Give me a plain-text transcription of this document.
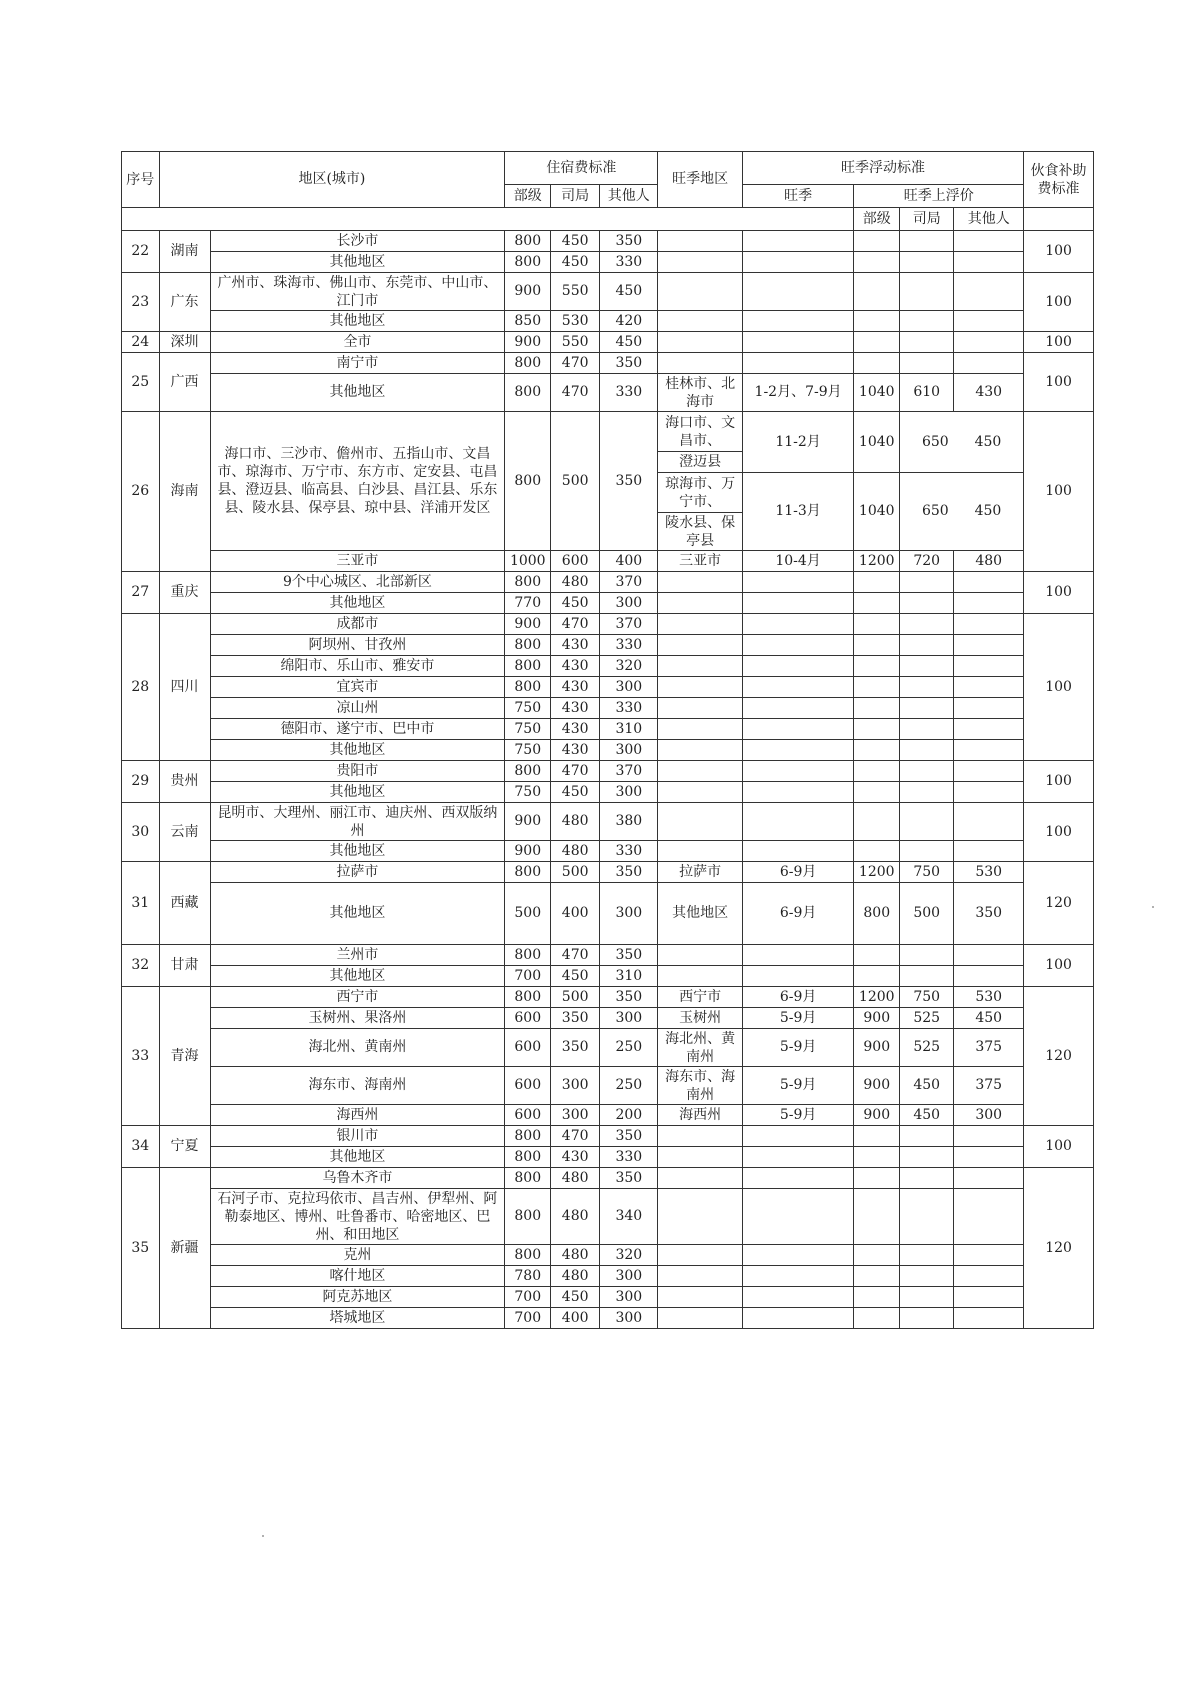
序号	地区(城市)		住宿费标准			旺季地区	旺季浮动标准				伙食补助费标准
			部级	司局	其他人		旺季	旺季上浮价			
								部级	司局	其他人	
22	湖南	长沙市	800	450	350						100
		其他地区	800	450	330						
23	广东	广州市、珠海市、佛山市、东莞市、中山市、江门市	900	550	450						100
		其他地区	850	530	420						
24	深圳	全市	900	550	450						100
25	广西	南宁市	800	470	350						100
		其他地区	800	470	330	桂林市、北海市	1-2月、7-9月	1040	610	430	
26	海南	海口市、三沙市、儋州市、五指山市、文昌市、琼海市、万宁市、东方市、定安县、屯昌县、澄迈县、临高县、白沙县、昌江县、乐东县、陵水县、保亭县、琼中县、洋浦开发区	800	500	350	海口市、文昌市、	11-2月	1040	650 450		100
						澄迈县					
						琼海市、万宁市、	11-3月	1040	650 450		
						陵水县、保亭县					
		三亚市	1000	600	400	三亚市	10-4月	1200	720	480	
27	重庆	9个中心城区、北部新区	800	480	370						100
		其他地区	770	450	300						
28	四川	成都市	900	470	370						100
		阿坝州、甘孜州	800	430	330						
		绵阳市、乐山市、雅安市	800	430	320						
		宜宾市	800	430	300						
		凉山州	750	430	330						
		德阳市、遂宁市、巴中市	750	430	310						
		其他地区	750	430	300						
29	贵州	贵阳市	800	470	370						100
		其他地区	750	450	300						
30	云南	昆明市、大理州、丽江市、迪庆州、西双版纳州	900	480	380						100
		其他地区	900	480	330						
31	西藏	拉萨市	800	500	350	拉萨市	6-9月	1200	750	530	120
		其他地区	500	400	300	其他地区	6-9月	800	500	350	
32	甘肃	兰州市	800	470	350						100
		其他地区	700	450	310						
33	青海	西宁市	800	500	350	西宁市	6-9月	1200	750	530	120
		玉树州、果洛州	600	350	300	玉树州	5-9月	900	525	450	
		海北州、黄南州	600	350	250	海北州、黄南州	5-9月	900	525	375	
		海东市、海南州	600	300	250	海东市、海南州	5-9月	900	450	375	
		海西州	600	300	200	海西州	5-9月	900	450	300	
34	宁夏	银川市	800	470	350						100
		其他地区	800	430	330						
35	新疆	乌鲁木齐市	800	480	350						120
		石河子市、克拉玛依市、昌吉州、伊犁州、阿勒泰地区、博州、吐鲁番市、哈密地区、巴州、和田地区	800	480	340						
		克州	800	480	320						
		喀什地区	780	480	300						
		阿克苏地区	700	450	300						
		塔城地区	700	400	300						
